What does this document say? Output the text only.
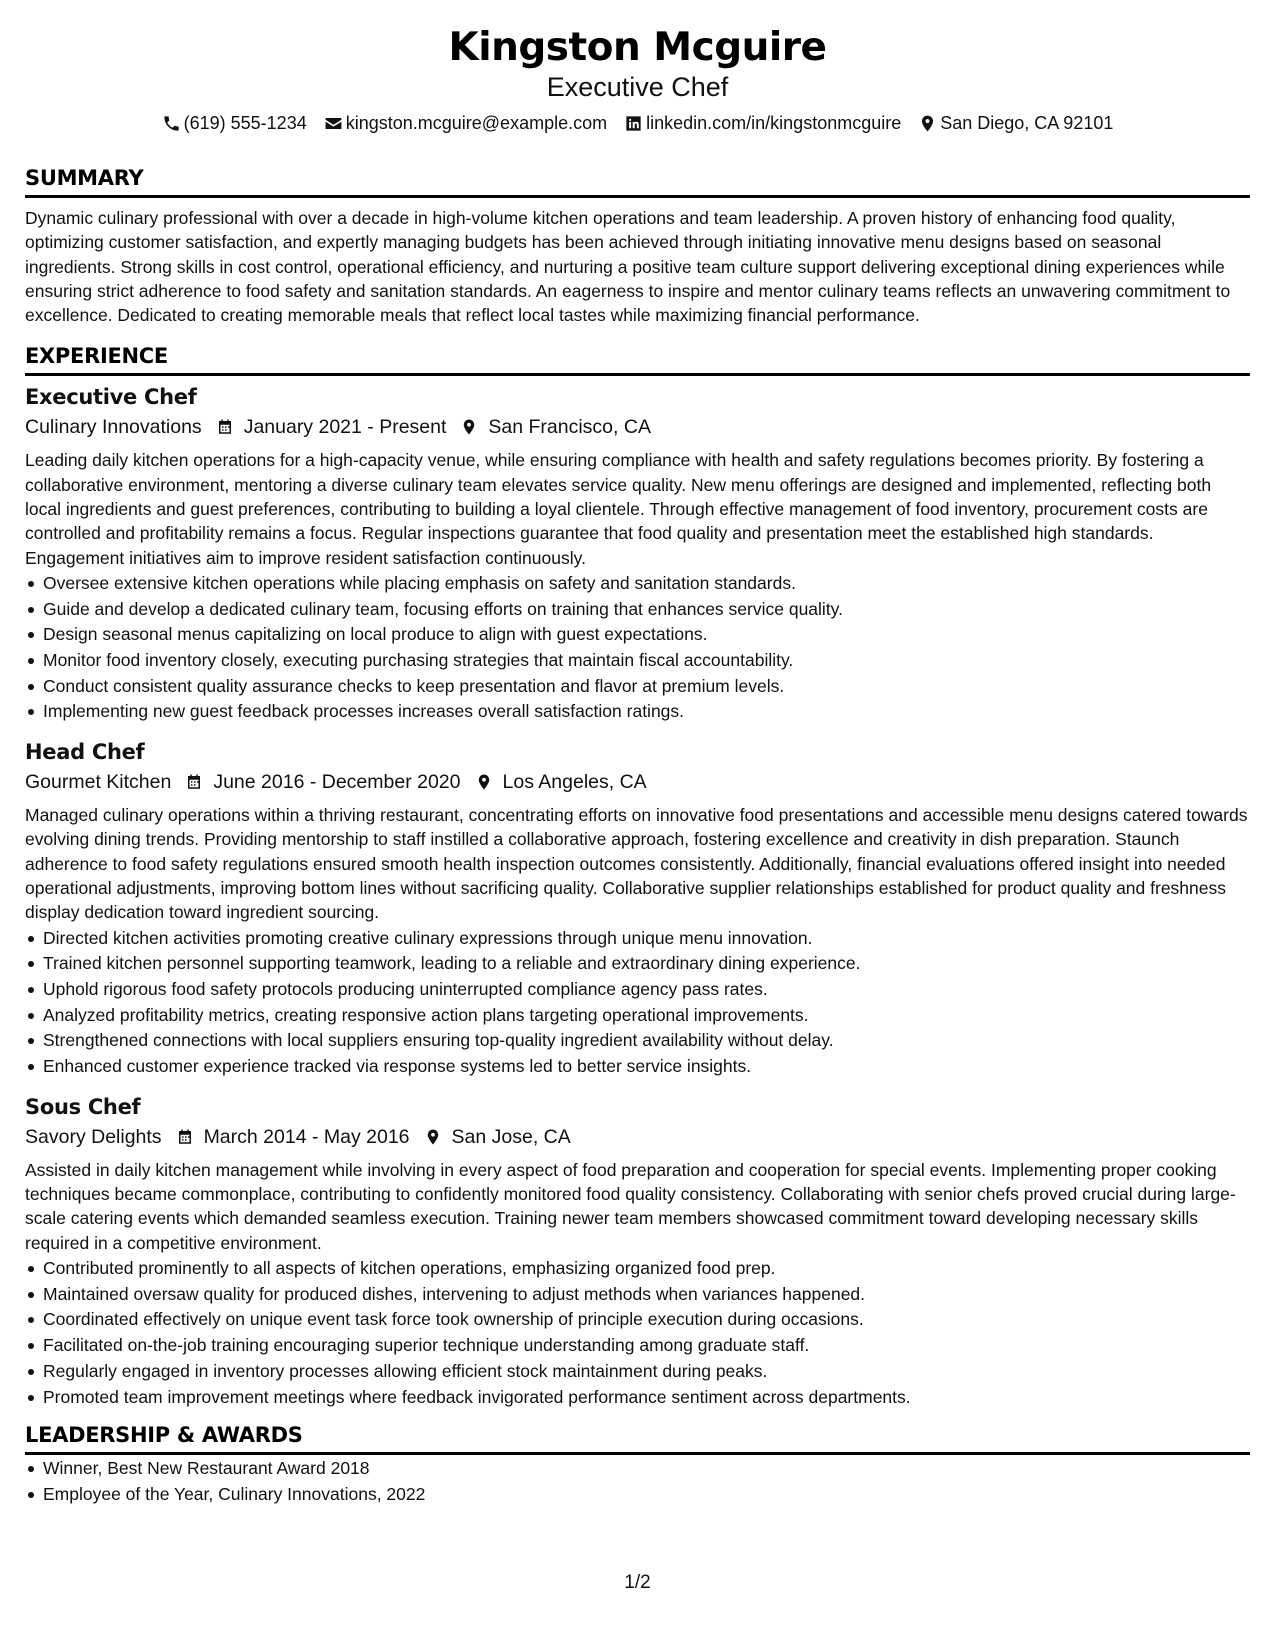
Kingston Mcguire
Executive Chef
(619) 555-1234 kingston.mcguire@example.com linkedin.com/in/kingstonmcguire San Diego, CA 92101
SUMMARY

Dynamic culinary professional with over a decade in high-volume kitchen operations and team leadership. A proven history of enhancing food quality, optimizing customer satisfaction, and expertly managing budgets has been achieved through initiating innovative menu designs based on seasonal ingredients. Strong skills in cost control, operational efficiency, and nurturing a positive team culture support delivering exceptional dining experiences while ensuring strict adherence to food safety and sanitation standards. An eagerness to inspire and mentor culinary teams reflects an unwavering commitment to excellence. Dedicated to creating memorable meals that reflect local tastes while maximizing financial performance.

EXPERIENCE
Executive Chef
Culinary Innovations January 2021 - Present San Francisco, CA

Leading daily kitchen operations for a high-capacity venue, while ensuring compliance with health and safety regulations becomes priority. By fostering a collaborative environment, mentoring a diverse culinary team elevates service quality. New menu offerings are designed and implemented, reflecting both local ingredients and guest preferences, contributing to building a loyal clientele. Through effective management of food inventory, procurement costs are controlled and profitability remains a focus. Regular inspections guarantee that food quality and presentation meet the established high standards. Engagement initiatives aim to improve resident satisfaction continuously.

Oversee extensive kitchen operations while placing emphasis on safety and sanitation standards.
Guide and develop a dedicated culinary team, focusing efforts on training that enhances service quality.
Design seasonal menus capitalizing on local produce to align with guest expectations.
Monitor food inventory closely, executing purchasing strategies that maintain fiscal accountability.
Conduct consistent quality assurance checks to keep presentation and flavor at premium levels.
Implementing new guest feedback processes increases overall satisfaction ratings.
Head Chef
Gourmet Kitchen June 2016 - December 2020 Los Angeles, CA

Managed culinary operations within a thriving restaurant, concentrating efforts on innovative food presentations and accessible menu designs catered towards evolving dining trends. Providing mentorship to staff instilled a collaborative approach, fostering excellence and creativity in dish preparation. Staunch adherence to food safety regulations ensured smooth health inspection outcomes consistently. Additionally, financial evaluations offered insight into needed operational adjustments, improving bottom lines without sacrificing quality. Collaborative supplier relationships established for product quality and freshness display dedication toward ingredient sourcing.

Directed kitchen activities promoting creative culinary expressions through unique menu innovation.
Trained kitchen personnel supporting teamwork, leading to a reliable and extraordinary dining experience.
Uphold rigorous food safety protocols producing uninterrupted compliance agency pass rates.
Analyzed profitability metrics, creating responsive action plans targeting operational improvements.
Strengthened connections with local suppliers ensuring top-quality ingredient availability without delay.
Enhanced customer experience tracked via response systems led to better service insights.
Sous Chef
Savory Delights March 2014 - May 2016 San Jose, CA

Assisted in daily kitchen management while involving in every aspect of food preparation and cooperation for special events. Implementing proper cooking techniques became commonplace, contributing to confidently monitored food quality consistency. Collaborating with senior chefs proved crucial during large-scale catering events which demanded seamless execution. Training newer team members showcased commitment toward developing necessary skills required in a competitive environment.

Contributed prominently to all aspects of kitchen operations, emphasizing organized food prep.
Maintained oversaw quality for produced dishes, intervening to adjust methods when variances happened.
Coordinated effectively on unique event task force took ownership of principle execution during occasions.
Facilitated on-the-job training encouraging superior technique understanding among graduate staff.
Regularly engaged in inventory processes allowing efficient stock maintainment during peaks.
Promoted team improvement meetings where feedback invigorated performance sentiment across departments.
LEADERSHIP & AWARDS
Winner, Best New Restaurant Award 2018
Employee of the Year, Culinary Innovations, 2022
1/2
